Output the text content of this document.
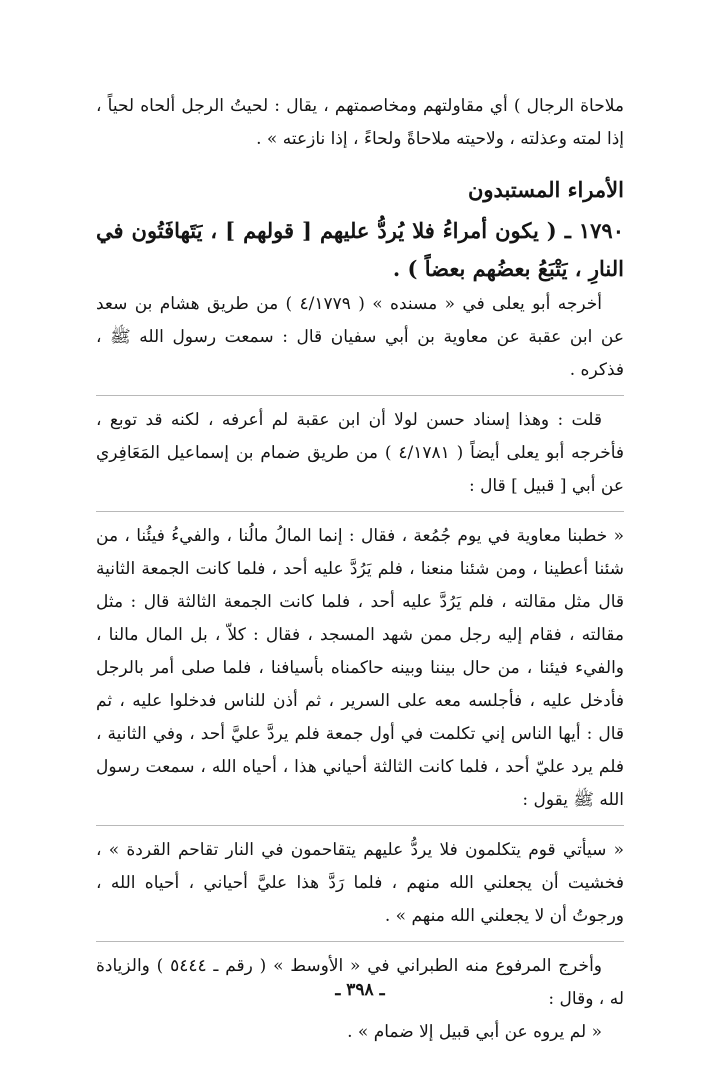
ملاحاة الرجال ) أي مقاولتهم ومخاصمتهم ، يقال : لحيتُ الرجل ألحاه لحياً ، إذا لمته وعذلته ، ولاحيته ملاحاةً ولحاءً ، إذا نازعته » .

الأمراء المستبدون

١٧٩٠ ـ ( يكون أمراءُ فلا يُردُّ عليهم [ قولهم ] ، يَتَهافَتُون في النارِ ، يَتْبَعُ بعضُهم بعضاً ) .

أخرجه أبو يعلى في « مسنده » ( ٤/١٧٧٩ ) من طريق هشام بن سعد عن ابن عقبة عن معاوية بن أبي سفيان قال : سمعت رسول الله ﷺ ، فذكره .

قلت : وهذا إسناد حسن لولا أن ابن عقبة لم أعرفه ، لكنه قد توبع ، فأخرجه أبو يعلى أيضاً ( ٤/١٧٨١ ) من طريق ضمام بن إسماعيل المَعَافِري عن أبي [ قبيل ] قال :

« خطبنا معاوية في يوم جُمُعة ، فقال : إنما المالُ مالُنا ، والفيءُ فيئُنا ، من شئنا أعطينا ، ومن شئنا منعنا ، فلم يَرُدَّ عليه أحد ، فلما كانت الجمعة الثانية قال مثل مقالته ، فلم يَرُدَّ عليه أحد ، فلما كانت الجمعة الثالثة قال : مثل مقالته ، فقام إليه رجل ممن شهد المسجد ، فقال : كلاّ ، بل المال مالنا ، والفيء فيئنا ، من حال بيننا وبينه حاكمناه بأسيافنا ، فلما صلى أمر بالرجل فأدخل عليه ، فأجلسه معه على السرير ، ثم أذن للناس فدخلوا عليه ، ثم قال : أيها الناس إني تكلمت في أول جمعة فلم يردَّ عليَّ أحد ، وفي الثانية ، فلم يرد عليّ أحد ، فلما كانت الثالثة أحياني هذا ، أحياه الله ، سمعت رسول الله ﷺ يقول :

« سيأتي قوم يتكلمون فلا يردُّ عليهم يتقاحمون في النار تقاحم القردة » ، فخشيت أن يجعلني الله منهم ، فلما رَدَّ هذا عليَّ أحياني ، أحياه الله ، ورجوتُ أن لا يجعلني الله منهم » .

وأخرج المرفوع منه الطبراني في « الأوسط » ( رقم ـ ٥٤٤٤ ) والزيادة له ، وقال :

« لم يروه عن أبي قبيل إلا ضمام » .

ـ ٣٩٨ ـ
